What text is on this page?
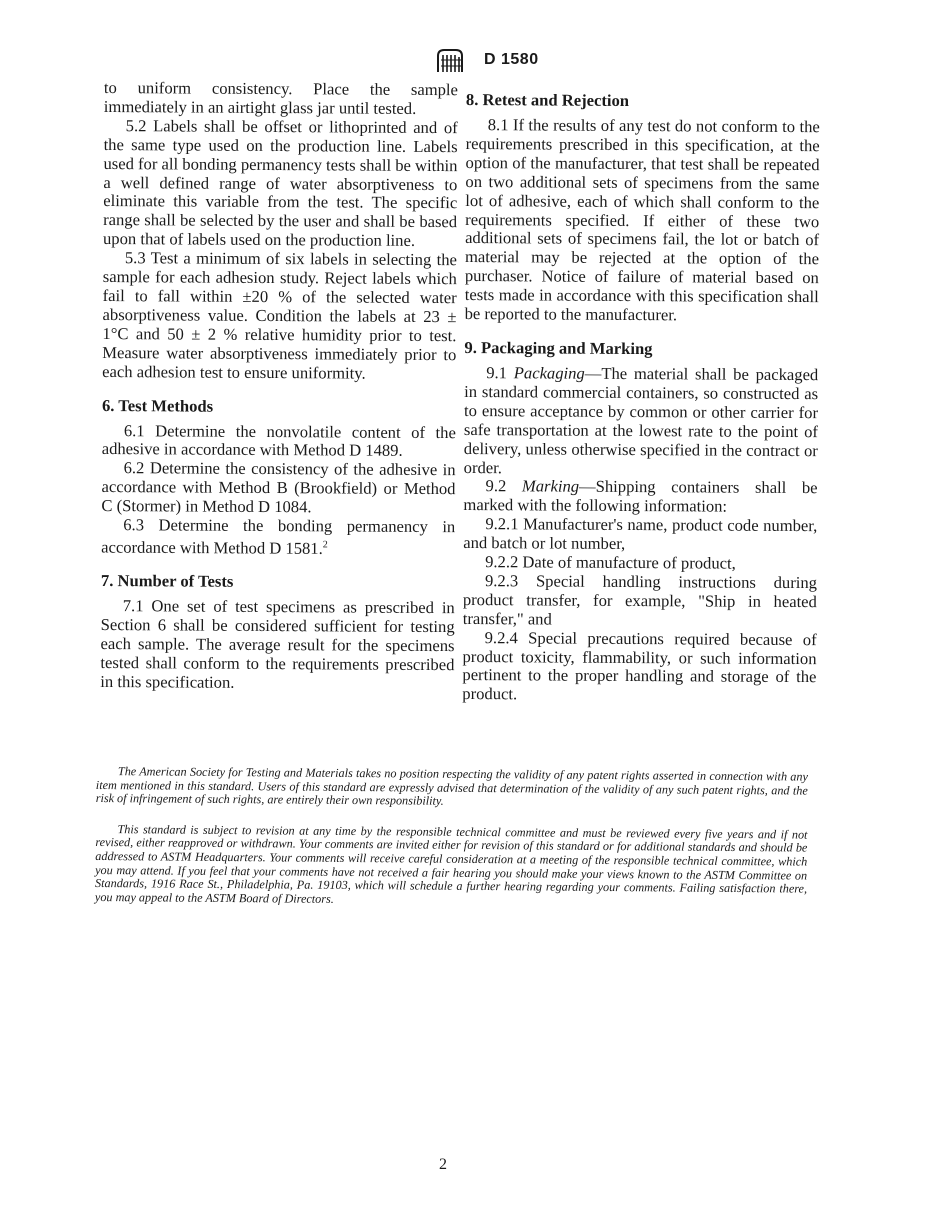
D 1580

to uniform consistency. Place the sample immediately in an airtight glass jar until tested.

5.2 Labels shall be offset or lithoprinted and of the same type used on the production line. Labels used for all bonding permanency tests shall be within a well defined range of water absorptiveness to eliminate this variable from the test. The specific range shall be selected by the user and shall be based upon that of labels used on the production line.

5.3 Test a minimum of six labels in selecting the sample for each adhesion study. Reject labels which fail to fall within ±20 % of the selected water absorptiveness value. Condition the labels at 23 ± 1°C and 50 ± 2 % relative humidity prior to test. Measure water absorptiveness immediately prior to each adhesion test to ensure uniformity.

6. Test Methods

6.1 Determine the nonvolatile content of the adhesive in accordance with Method D 1489.

6.2 Determine the consistency of the adhesive in accordance with Method B (Brookfield) or Method C (Stormer) in Method D 1084.

6.3 Determine the bonding permanency in accordance with Method D 1581.$^2$

7. Number of Tests

7.1 One set of test specimens as prescribed in Section 6 shall be considered sufficient for testing each sample. The average result for the specimens tested shall conform to the requirements prescribed in this specification.

8. Retest and Rejection

8.1 If the results of any test do not conform to the requirements prescribed in this specification, at the option of the manufacturer, that test shall be repeated on two additional sets of specimens from the same lot of adhesive, each of which shall conform to the requirements specified. If either of these two additional sets of specimens fail, the lot or batch of material may be rejected at the option of the purchaser. Notice of failure of material based on tests made in accordance with this specification shall be reported to the manufacturer.

9. Packaging and Marking

9.1 Packaging—The material shall be packaged in standard commercial containers, so constructed as to ensure acceptance by common or other carrier for safe transportation at the lowest rate to the point of delivery, unless otherwise specified in the contract or order.

9.2 Marking—Shipping containers shall be marked with the following information:

9.2.1 Manufacturer's name, product code number, and batch or lot number,

9.2.2 Date of manufacture of product,

9.2.3 Special handling instructions during product transfer, for example, "Ship in heated transfer," and

9.2.4 Special precautions required because of product toxicity, flammability, or such information pertinent to the proper handling and storage of the product.

The American Society for Testing and Materials takes no position respecting the validity of any patent rights asserted in connection with any item mentioned in this standard. Users of this standard are expressly advised that determination of the validity of any such patent rights, and the risk of infringement of such rights, are entirely their own responsibility.

This standard is subject to revision at any time by the responsible technical committee and must be reviewed every five years and if not revised, either reapproved or withdrawn. Your comments are invited either for revision of this standard or for additional standards and should be addressed to ASTM Headquarters. Your comments will receive careful consideration at a meeting of the responsible technical committee, which you may attend. If you feel that your comments have not received a fair hearing you should make your views known to the ASTM Committee on Standards, 1916 Race St., Philadelphia, Pa. 19103, which will schedule a further hearing regarding your comments. Failing satisfaction there, you may appeal to the ASTM Board of Directors.

2
